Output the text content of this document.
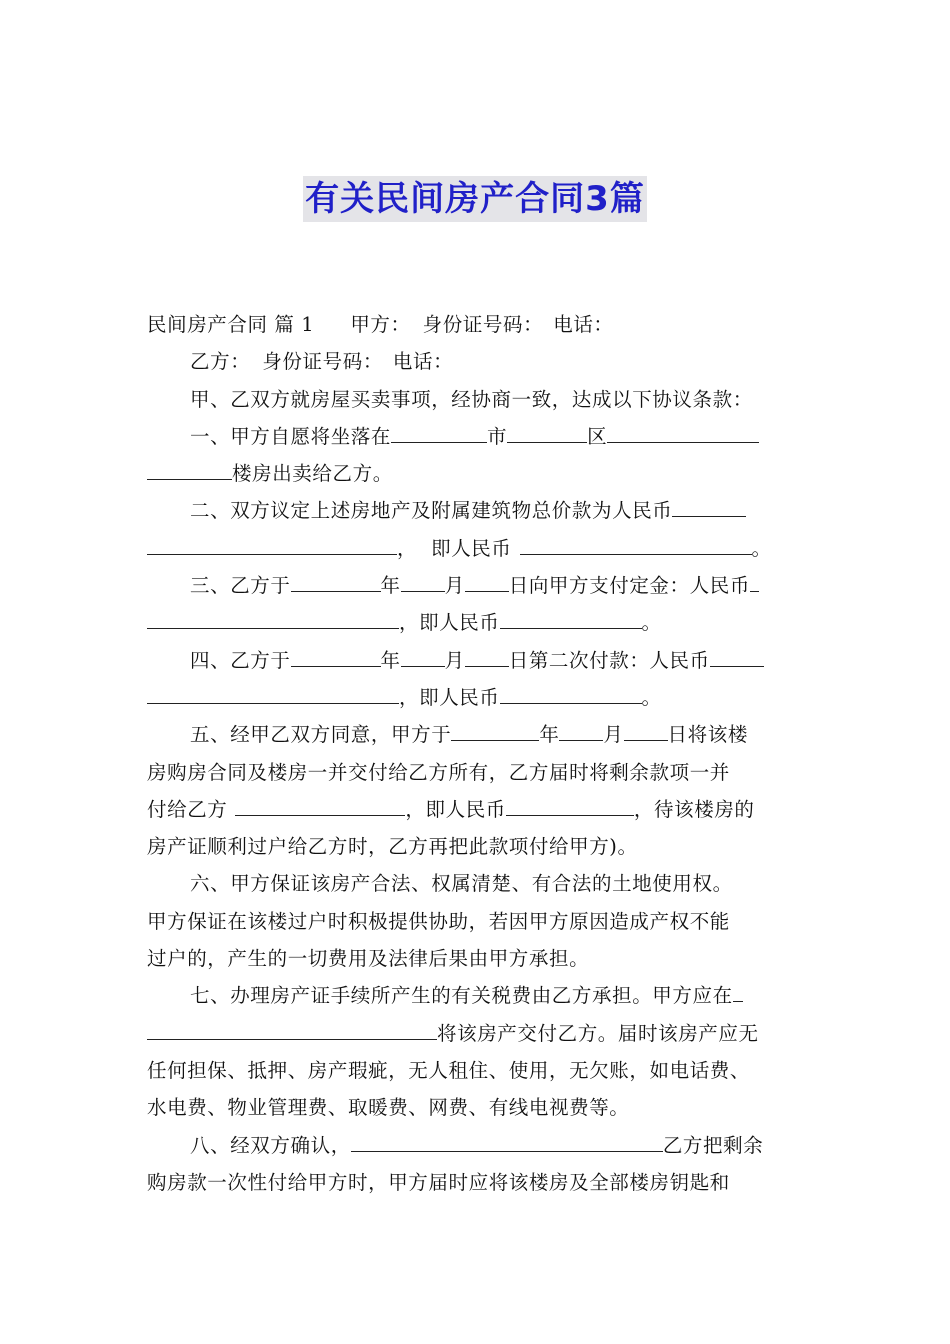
有关民间房产合同3篇
民间房产合同 篇 1 甲方： 身份证号码： 电话：
乙方： 身份证号码： 电话：
甲、乙双方就房屋买卖事项，经协商一致，达成以下协议条款：
一、甲方自愿将坐落在	市	区
楼房出卖给乙方。
二、双方议定上述房地产及附属建筑物总价款为人民币
， 即人民币	。
三、乙方于	年 月 日向甲方支付定金：人民币
，即人民币	。
四、乙方于	年 月 日第二次付款：人民币
，即人民币	。
五、经甲乙双方同意，甲方于	年 月 日将该楼
房购房合同及楼房一并交付给乙方所有，乙方届时将剩余款项一并
付给乙方	，即人民币	，待该楼房的
房产证顺利过户给乙方时，乙方再把此款项付给甲方)。
六、甲方保证该房产合法、权属清楚、有合法的土地使用权。
甲方保证在该楼过户时积极提供协助，若因甲方原因造成产权不能
过户的，产生的一切费用及法律后果由甲方承担。
七、办理房产证手续所产生的有关税费由乙方承担。甲方应在
将该房产交付乙方。届时该房产应无
任何担保、抵押、房产瑕疵，无人租住、使用，无欠账，如电话费、
水电费、物业管理费、取暖费、网费、有线电视费等。
八、经双方确认，	乙方把剩余
购房款一次性付给甲方时，甲方届时应将该楼房及全部楼房钥匙和
